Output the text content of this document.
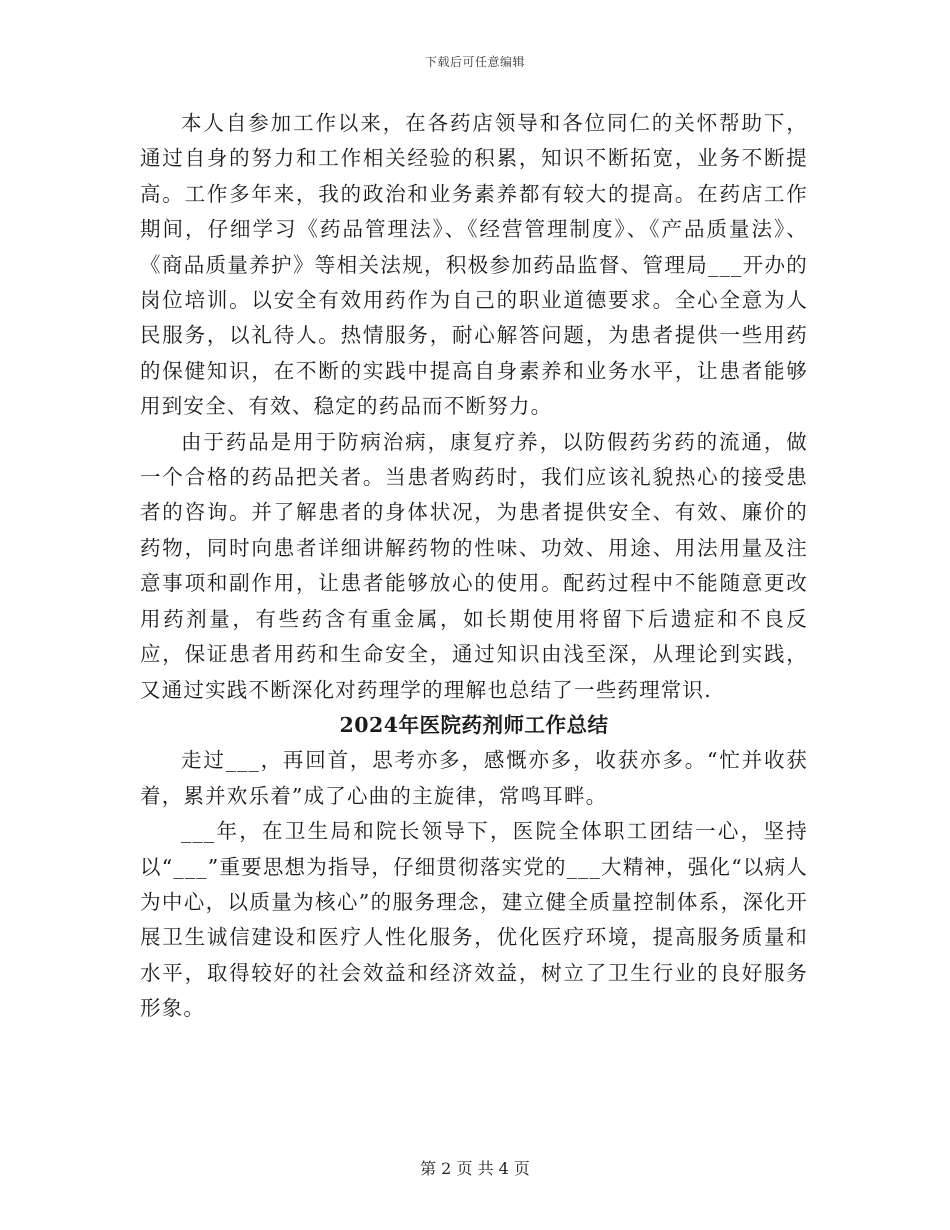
下载后可任意编辑

本人自参加工作以来，在各药店领导和各位同仁的关怀帮助下，通过自身的努力和工作相关经验的积累，知识不断拓宽，业务不断提高。工作多年来，我的政治和业务素养都有较大的提高。在药店工作期间，仔细学习《药品管理法》、《经营管理制度》、《产品质量法》、《商品质量养护》等相关法规，积极参加药品监督、管理局___开办的岗位培训。以安全有效用药作为自己的职业道德要求。全心全意为人民服务，以礼待人。热情服务，耐心解答问题，为患者提供一些用药的保健知识，在不断的实践中提高自身素养和业务水平，让患者能够用到安全、有效、稳定的药品而不断努力。

由于药品是用于防病治病，康复疗养，以防假药劣药的流通，做一个合格的药品把关者。当患者购药时，我们应该礼貌热心的接受患者的咨询。并了解患者的身体状况，为患者提供安全、有效、廉价的药物，同时向患者详细讲解药物的性味、功效、用途、用法用量及注意事项和副作用，让患者能够放心的使用。配药过程中不能随意更改用药剂量，有些药含有重金属，如长期使用将留下后遗症和不良反应，保证患者用药和生命安全，通过知识由浅至深，从理论到实践，又通过实践不断深化对药理学的理解也总结了一些药理常识.

2024年医院药剂师工作总结

走过___，再回首，思考亦多，感慨亦多，收获亦多。“忙并收获着，累并欢乐着”成了心曲的主旋律，常鸣耳畔。

___年，在卫生局和院长领导下，医院全体职工团结一心，坚持以“___”重要思想为指导，仔细贯彻落实党的___大精神，强化“以病人为中心，以质量为核心”的服务理念，建立健全质量控制体系，深化开展卫生诚信建设和医疗人性化服务，优化医疗环境，提高服务质量和水平，取得较好的社会效益和经济效益，树立了卫生行业的良好服务形象。

第 2 页 共 4 页
